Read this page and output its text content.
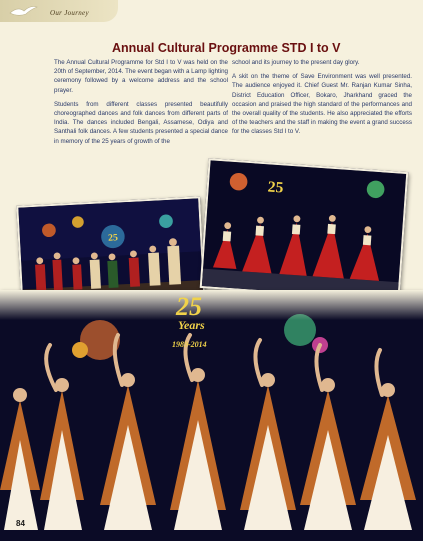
Our Journey
Annual Cultural Programme STD I to V

The Annual Cultural Programme for Std I to V was held on the 20th of September, 2014. The event began with a Lamp lighting ceremony followed by a welcome address and the school prayer.

Students from different classes presented beautifully choreographed dances and folk dances from different parts of India. The dances included Bengali, Assamese, Odiya and Santhali folk dances. A few students presented a special dance in memory of the 25 years of growth of the

school and its journey to the present day glory.

A skit on the theme of Save Environment was well presented. The audience enjoyed it. Chief Guest Mr. Ranjan Kumar Sinha, District Education Officer, Bokaro, Jharkhand graced the occasion and praised the high standard of the performances and the overall quality of the students. He also appreciated the efforts of the teachers and the staff in making the event a grand success for the classes Std I to V.

25
25
25
Years
1989-2014
84
